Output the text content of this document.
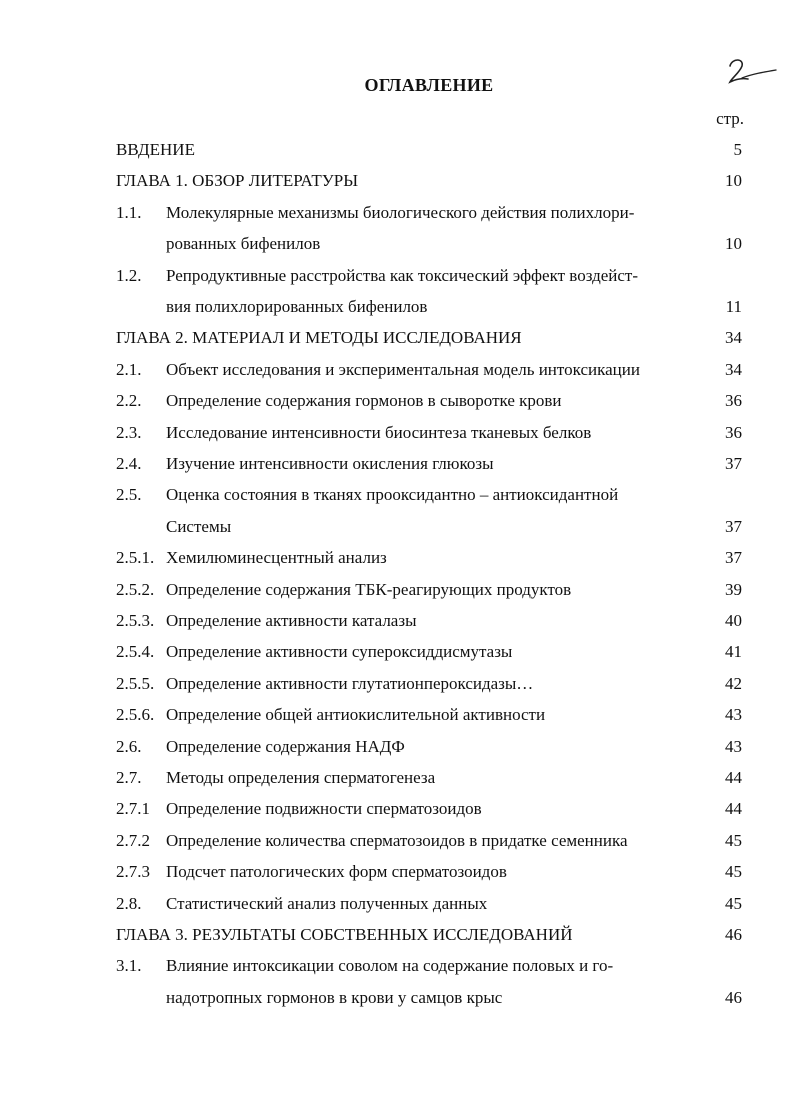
ОГЛАВЛЕНИЕ
стр.
ВВДЕНИЕ	5
ГЛАВА 1. ОБЗОР ЛИТЕРАТУРЫ	10
1.1. Молекулярные механизмы биологического действия полихлори-
рованных бифенилов	10
1.2. Репродуктивные расстройства как токсический эффект воздейст-
вия полихлорированных бифенилов	11
ГЛАВА 2. МАТЕРИАЛ И МЕТОДЫ ИССЛЕДОВАНИЯ	34
2.1. Объект исследования и экспериментальная модель интоксикации	34
2.2. Определение содержания гормонов в сыворотке крови	36
2.3. Исследование интенсивности биосинтеза тканевых белков	36
2.4. Изучение интенсивности окисления глюкозы	37
2.5. Оценка состояния в тканях прооксидантно – антиоксидантной
Системы	37
2.5.1. Хемилюминесцентный анализ	37
2.5.2. Определение содержания ТБК-реагирующих продуктов	39
2.5.3. Определение активности каталазы	40
2.5.4. Определение активности супероксиддисмутазы	41
2.5.5. Определение активности глутатионпероксидазы…	42
2.5.6. Определение общей антиокислительной активности	43
2.6. Определение содержания НАДФ	43
2.7. Методы определения сперматогенеза	44
2.7.1 Определение подвижности сперматозоидов	44
2.7.2 Определение количества сперматозоидов в придатке семенника	45
2.7.3 Подсчет патологических форм сперматозоидов	45
2.8. Статистический анализ полученных данных	45
ГЛАВА 3. РЕЗУЛЬТАТЫ СОБСТВЕННЫХ ИССЛЕДОВАНИЙ	46
3.1. Влияние интоксикации соволом на содержание половых и го-
надотропных гормонов в крови у самцов крыс	46
